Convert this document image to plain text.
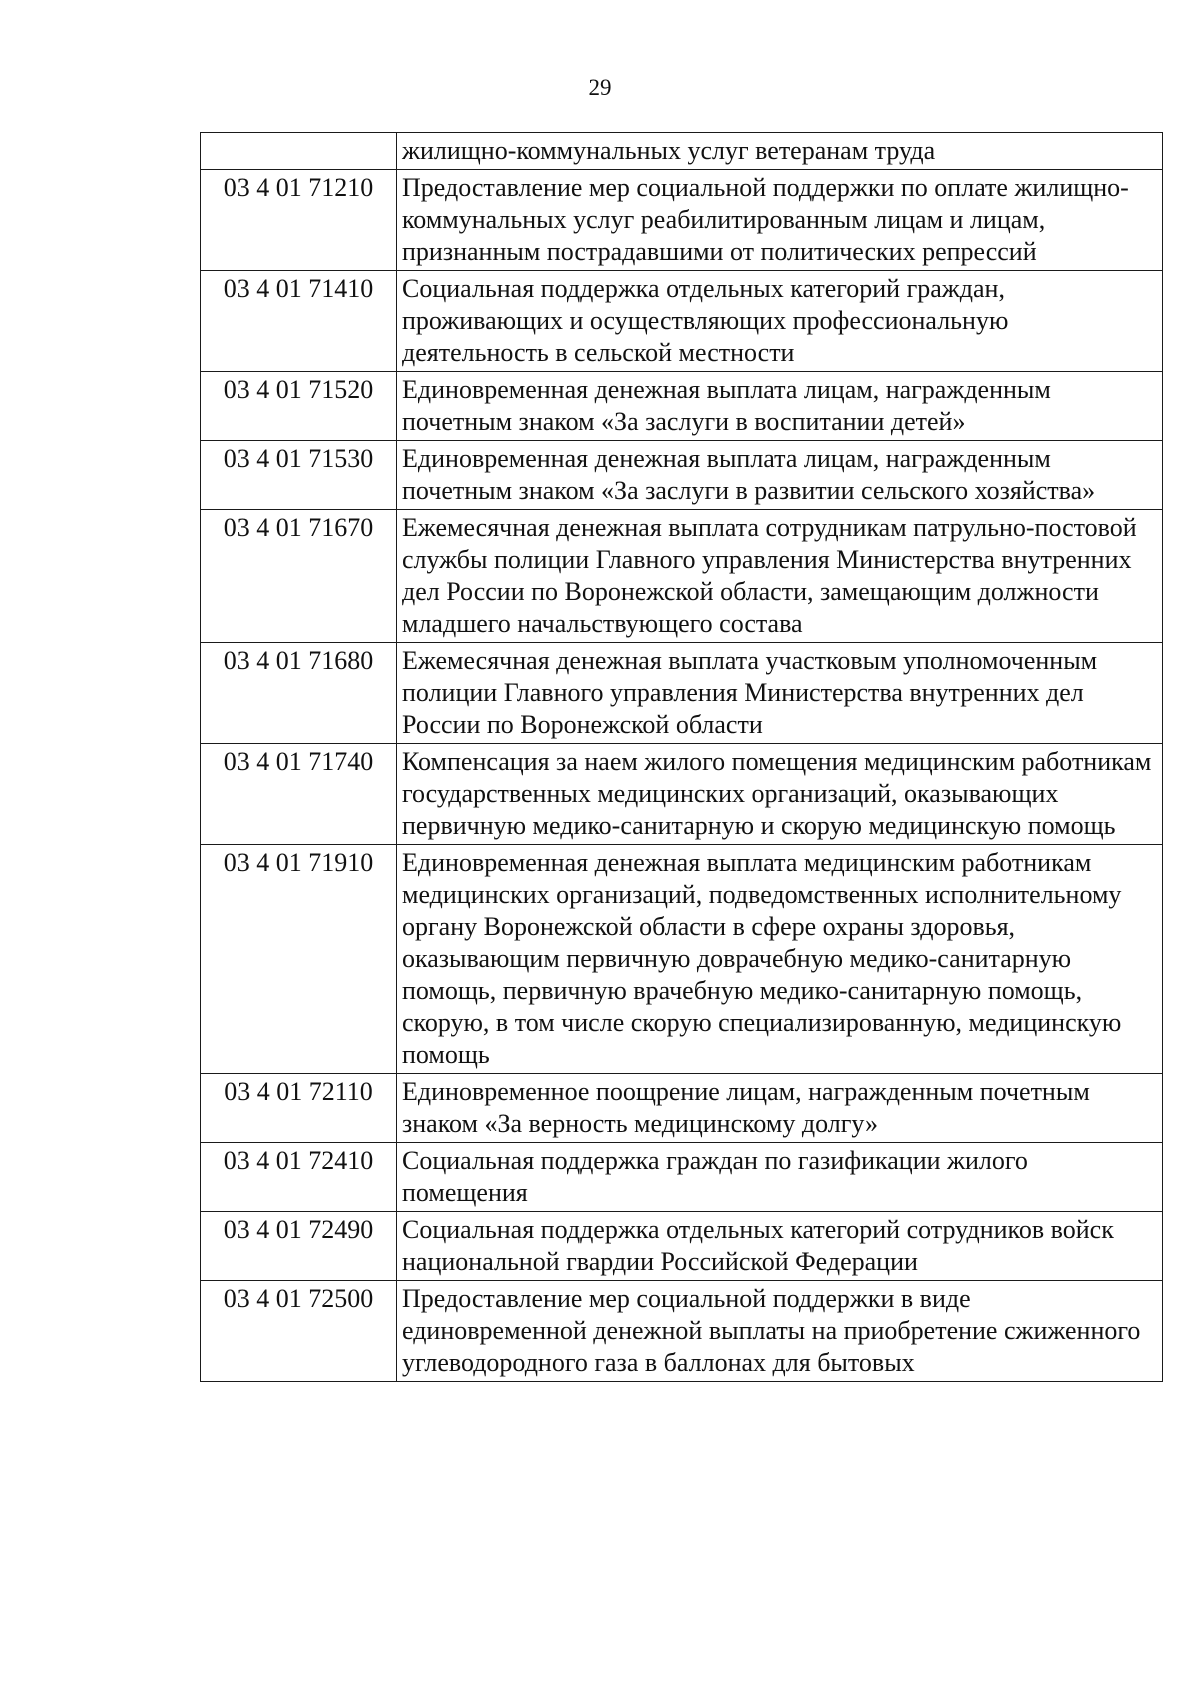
29
	жилищно-коммунальных услуг ветеранам труда
03 4 01 71210	Предоставление мер социальной поддержки по оплате жилищно-коммунальных услуг реабилитированным лицам и лицам, признанным пострадавшими от политических репрессий
03 4 01 71410	Социальная поддержка отдельных категорий граждан, проживающих и осуществляющих профессиональную деятельность в сельской местности
03 4 01 71520	Единовременная денежная выплата лицам, награжденным почетным знаком «За заслуги в воспитании детей»
03 4 01 71530	Единовременная денежная выплата лицам, награжденным почетным знаком «За заслуги в развитии сельского хозяйства»
03 4 01 71670	Ежемесячная денежная выплата сотрудникам патрульно-постовой службы полиции Главного управления Министерства внутренних дел России по Воронежской области, замещающим должности младшего начальствующего состава
03 4 01 71680	Ежемесячная денежная выплата участковым уполномоченным полиции Главного управления Министерства внутренних дел России по Воронежской области
03 4 01 71740	Компенсация за наем жилого помещения медицинским работникам государственных медицинских организаций, оказывающих первичную медико-санитарную и скорую медицинскую помощь
03 4 01 71910	Единовременная денежная выплата медицинским работникам медицинских организаций, подведомственных исполнительному органу Воронежской области в сфере охраны здоровья, оказывающим первичную доврачебную медико-санитарную помощь, первичную врачебную медико-санитарную помощь, скорую, в том числе скорую специализированную, медицинскую помощь
03 4 01 72110	Единовременное поощрение лицам, награжденным почетным знаком «За верность медицинскому долгу»
03 4 01 72410	Социальная поддержка граждан по газификации жилого помещения
03 4 01 72490	Социальная поддержка отдельных категорий сотрудников войск национальной гвардии Российской Федерации
03 4 01 72500	Предоставление мер социальной поддержки в виде единовременной денежной выплаты на приобретение сжиженного углеводородного газа в баллонах для бытовых
